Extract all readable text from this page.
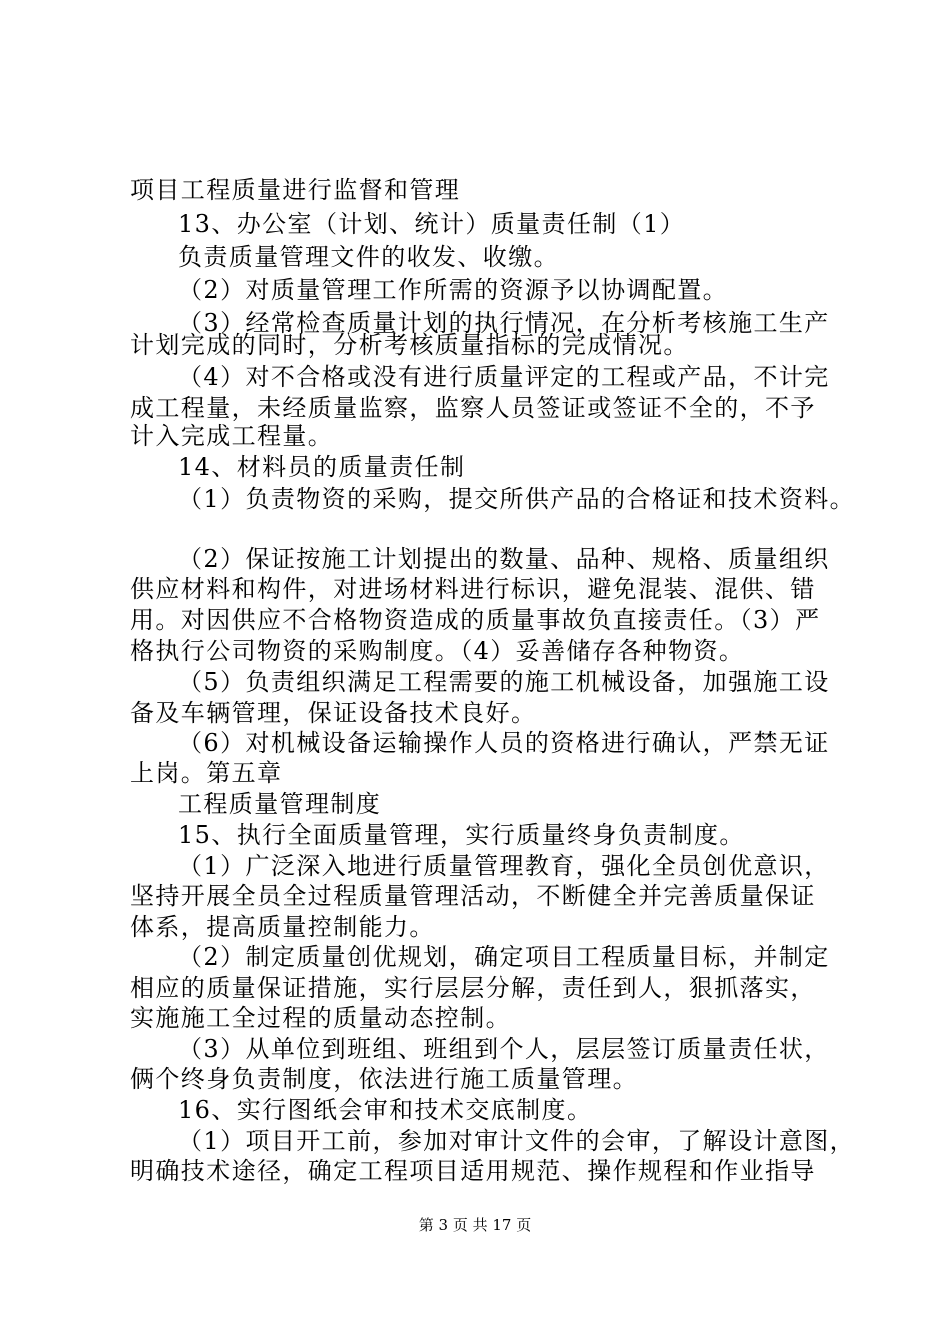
项目工程质量进行监督和管理
13、办公室（计划、统计）质量责任制（1）
负责质量管理文件的收发、收缴。
（2）对质量管理工作所需的资源予以协调配置。
（3）经常检查质量计划的执行情况，在分析考核施工生产
计划完成的同时，分析考核质量指标的完成情况。
（4）对不合格或没有进行质量评定的工程或产品，不计完
成工程量，未经质量监察，监察人员签证或签证不全的，不予
计入完成工程量。
14、材料员的质量责任制
（1）负责物资的采购，提交所供产品的合格证和技术资料。
（2）保证按施工计划提出的数量、品种、规格、质量组织
供应材料和构件，对进场材料进行标识，避免混装、混供、错
用。对因供应不合格物资造成的质量事故负直接责任。（3）严
格执行公司物资的采购制度。（4）妥善储存各种物资。
（5）负责组织满足工程需要的施工机械设备，加强施工设
备及车辆管理，保证设备技术良好。
（6）对机械设备运输操作人员的资格进行确认，严禁无证
上岗。第五章
工程质量管理制度
15、执行全面质量管理，实行质量终身负责制度。
（1）广泛深入地进行质量管理教育，强化全员创优意识，
坚持开展全员全过程质量管理活动，不断健全并完善质量保证
体系，提高质量控制能力。
（2）制定质量创优规划，确定项目工程质量目标，并制定
相应的质量保证措施，实行层层分解，责任到人，狠抓落实，
实施施工全过程的质量动态控制。
（3）从单位到班组、班组到个人，层层签订质量责任状，
俩个终身负责制度，依法进行施工质量管理。
16、实行图纸会审和技术交底制度。
（1）项目开工前，参加对审计文件的会审，了解设计意图，
明确技术途径，确定工程项目适用规范、操作规程和作业指导
第 3 页 共 17 页
